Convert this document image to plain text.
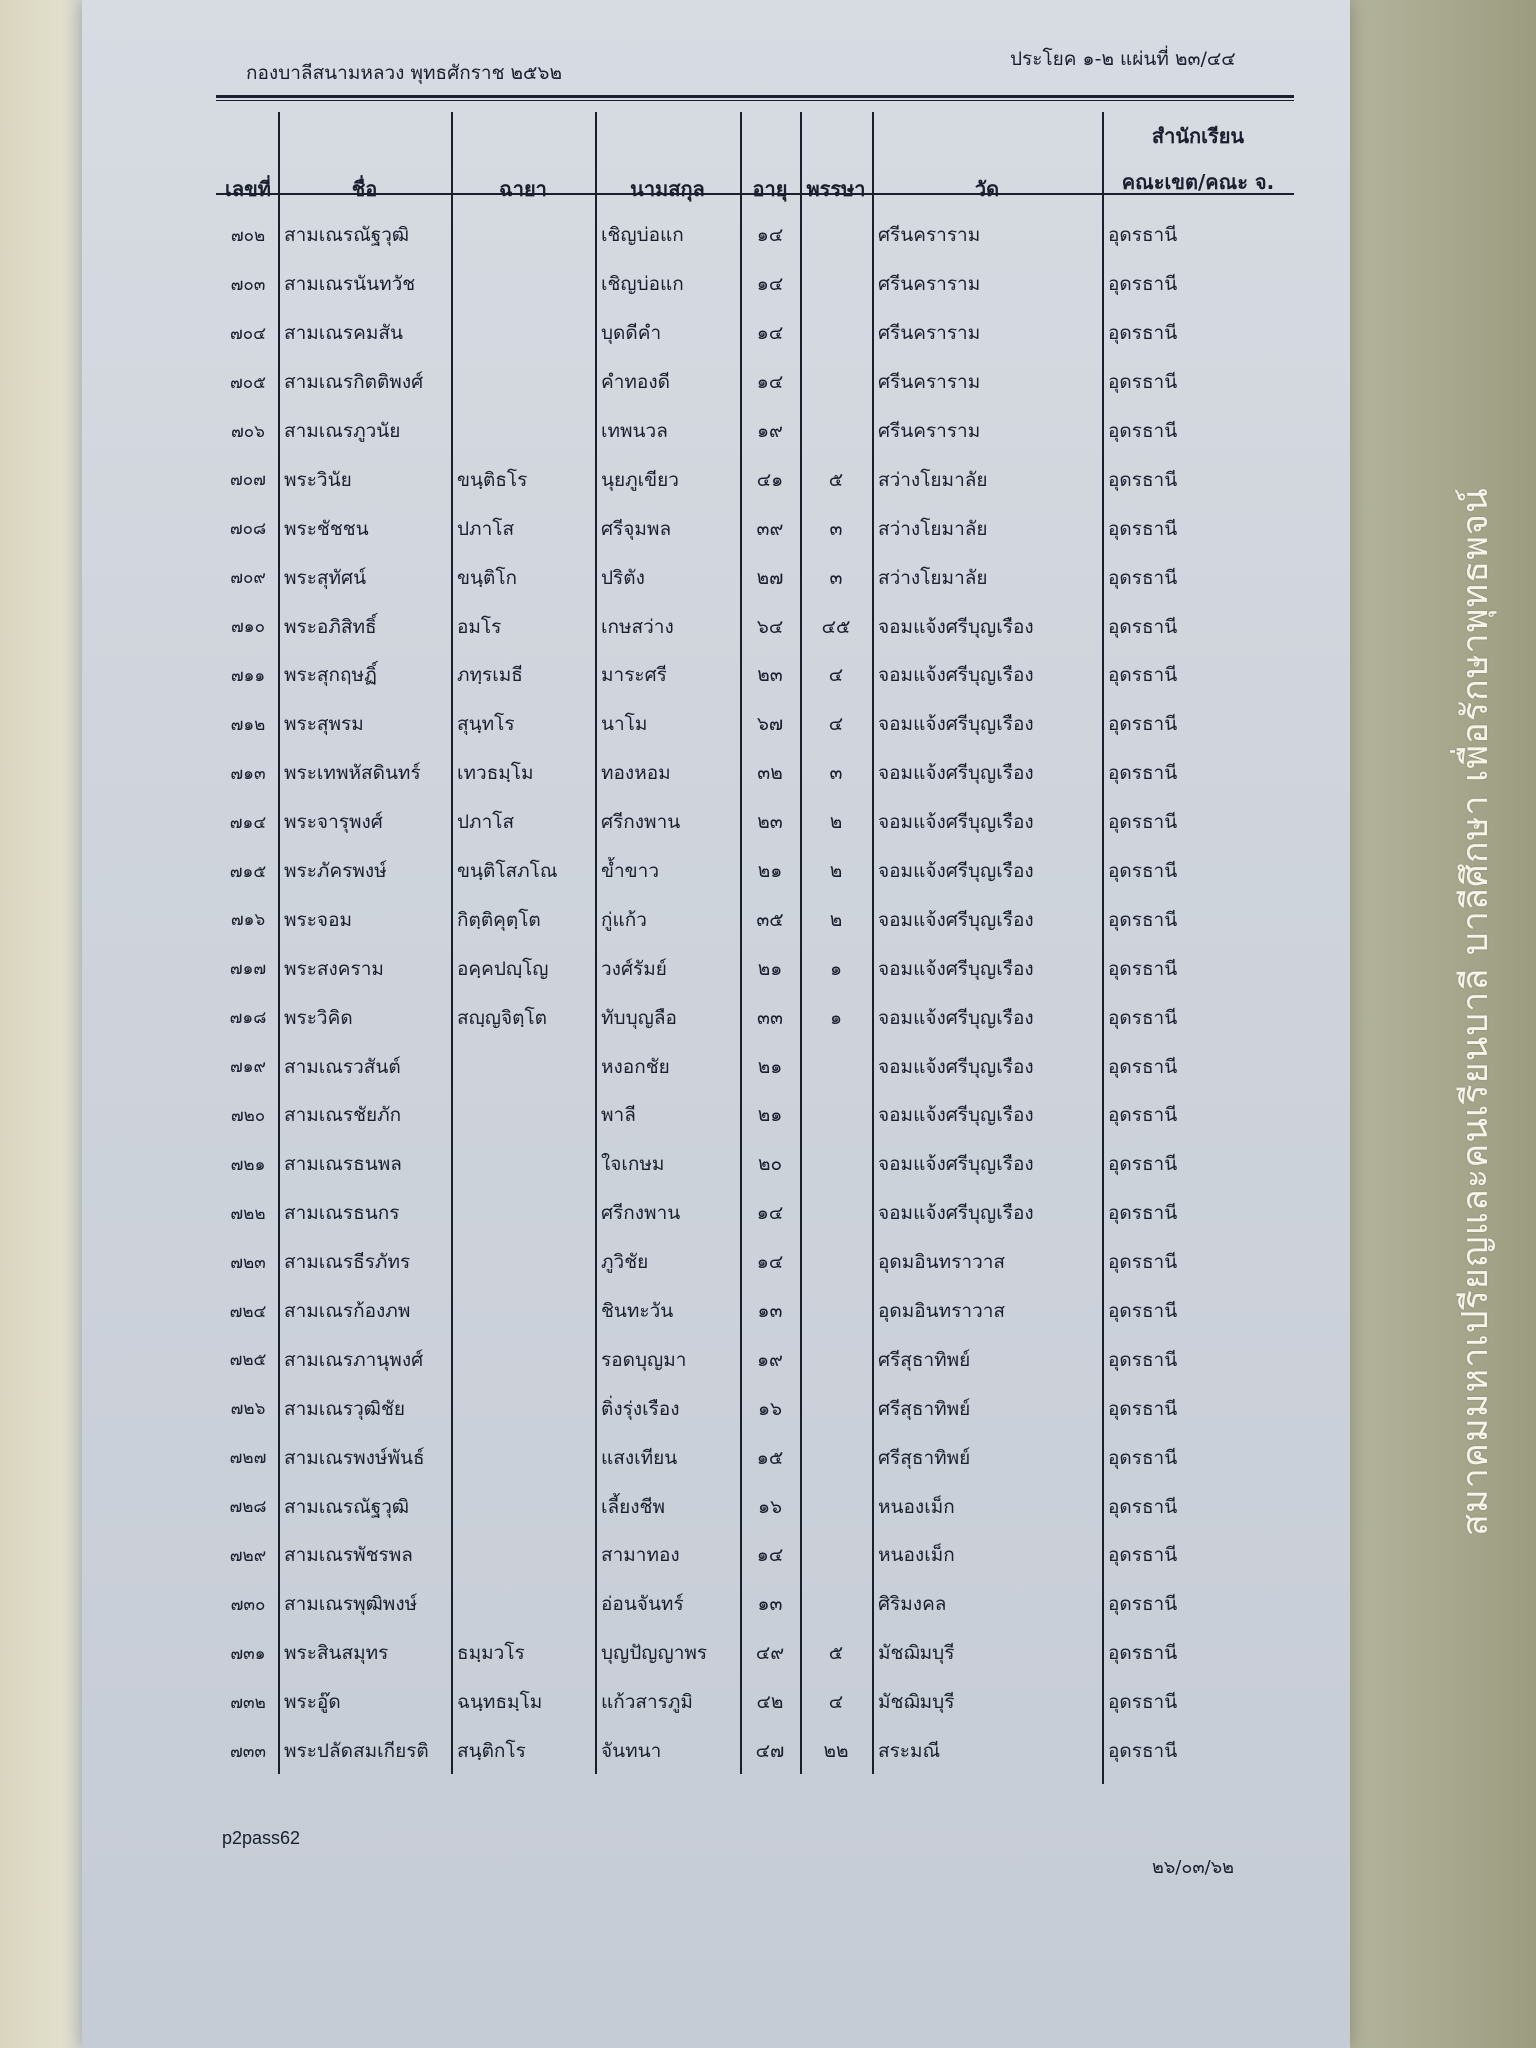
กองบาลีสนามหลวง พุทธศักราช ๒๕๖๒
ประโยค ๑-๒ แผ่นที่ ๒๓/๔๔
เลขที่	ชื่อ	ฉายา	นามสกุล	อายุ	พรรษา	วัด	สำนักเรียน
คณะเขต/คณะ จ.

๗๐๒	สามเณรณัฐวุฒิ		เชิญบ่อแก	๑๔		ศรีนคราราม	อุดรธานี
๗๐๓	สามเณรนันทวัช		เชิญบ่อแก	๑๔		ศรีนคราราม	อุดรธานี
๗๐๔	สามเณรคมสัน		บุดดีคำ	๑๔		ศรีนคราราม	อุดรธานี
๗๐๕	สามเณรกิตติพงศ์		คำทองดี	๑๔		ศรีนคราราม	อุดรธานี
๗๐๖	สามเณรภูวนัย		เทพนวล	๑๙		ศรีนคราราม	อุดรธานี
๗๐๗	พระวินัย	ขนฺติธโร	นุยภูเขียว	๔๑	๕	สว่างโยมาลัย	อุดรธานี
๗๐๘	พระชัชชน	ปภาโส	ศรีจุมพล	๓๙	๓	สว่างโยมาลัย	อุดรธานี
๗๐๙	พระสุทัศน์	ขนฺติโก	ปริตัง	๒๗	๓	สว่างโยมาลัย	อุดรธานี
๗๑๐	พระอภิสิทธิ์	อมโร	เกษสว่าง	๖๔	๔๕	จอมแจ้งศรีบุญเรือง	อุดรธานี
๗๑๑	พระสุกฤษฏิ์	ภทฺรเมธี	มาระศรี	๒๓	๔	จอมแจ้งศรีบุญเรือง	อุดรธานี
๗๑๒	พระสุพรม	สุนฺทโร	นาโม	๖๗	๔	จอมแจ้งศรีบุญเรือง	อุดรธานี
๗๑๓	พระเทพหัสดินทร์	เทวธมฺโม	ทองหอม	๓๒	๓	จอมแจ้งศรีบุญเรือง	อุดรธานี
๗๑๔	พระจารุพงศ์	ปภาโส	ศรีกงพาน	๒๓	๒	จอมแจ้งศรีบุญเรือง	อุดรธานี
๗๑๕	พระภัครพงษ์	ขนฺติโสภโณ	ข้ำขาว	๒๑	๒	จอมแจ้งศรีบุญเรือง	อุดรธานี
๗๑๖	พระจอม	กิตฺติคุตฺโต	กู่แก้ว	๓๕	๒	จอมแจ้งศรีบุญเรือง	อุดรธานี
๗๑๗	พระสงคราม	อคฺคปญฺโญ	วงศ์รัมย์	๒๑	๑	จอมแจ้งศรีบุญเรือง	อุดรธานี
๗๑๘	พระวิคิด	สญฺญจิตฺโต	ทับบุญลือ	๓๓	๑	จอมแจ้งศรีบุญเรือง	อุดรธานี
๗๑๙	สามเณรวสันต์		หงอกชัย	๒๑		จอมแจ้งศรีบุญเรือง	อุดรธานี
๗๒๐	สามเณรชัยภัก		พาลี	๒๑		จอมแจ้งศรีบุญเรือง	อุดรธานี
๗๒๑	สามเณรธนพล		ใจเกษม	๒๐		จอมแจ้งศรีบุญเรือง	อุดรธานี
๗๒๒	สามเณรธนกร		ศรีกงพาน	๑๔		จอมแจ้งศรีบุญเรือง	อุดรธานี
๗๒๓	สามเณรธีรภัทร		ภูวิชัย	๑๔		อุดมอินทราวาส	อุดรธานี
๗๒๔	สามเณรก้องภพ		ชินทะวัน	๑๓		อุดมอินทราวาส	อุดรธานี
๗๒๕	สามเณรภานุพงศ์		รอดบุญมา	๑๙		ศรีสุธาทิพย์	อุดรธานี
๗๒๖	สามเณรวุฒิชัย		ติ่งรุ่งเรือง	๑๖		ศรีสุธาทิพย์	อุดรธานี
๗๒๗	สามเณรพงษ์พันธ์		แสงเทียน	๑๕		ศรีสุธาทิพย์	อุดรธานี
๗๒๘	สามเณรณัฐวุฒิ		เลี้ยงชีพ	๑๖		หนองเม็ก	อุดรธานี
๗๒๙	สามเณรพัชรพล		สามาทอง	๑๔		หนองเม็ก	อุดรธานี
๗๓๐	สามเณรพุฒิพงษ์		อ่อนจันทร์	๑๓		ศิริมงคล	อุดรธานี
๗๓๑	พระสินสมุทร	ธมฺมวโร	บุญปัญญาพร	๔๙	๕	มัชฌิมบุรี	อุดรธานี
๗๓๒	พระอู๊ด	ฉนฺทธมฺโม	แก้วสารภูมิ	๔๒	๔	มัชฌิมบุรี	อุดรธานี
๗๓๓	พระปลัดสมเกียรติ	สนฺติกโร	จันทนา	๔๗	๒๒	สระมณี	อุดรธานี
p2pass62
๒๖/๐๓/๖๒
สมาคมมหาเปรียญและคนเรียนบาลี บาลีศึกษา เพื่อรักษาพุทธพจน์
